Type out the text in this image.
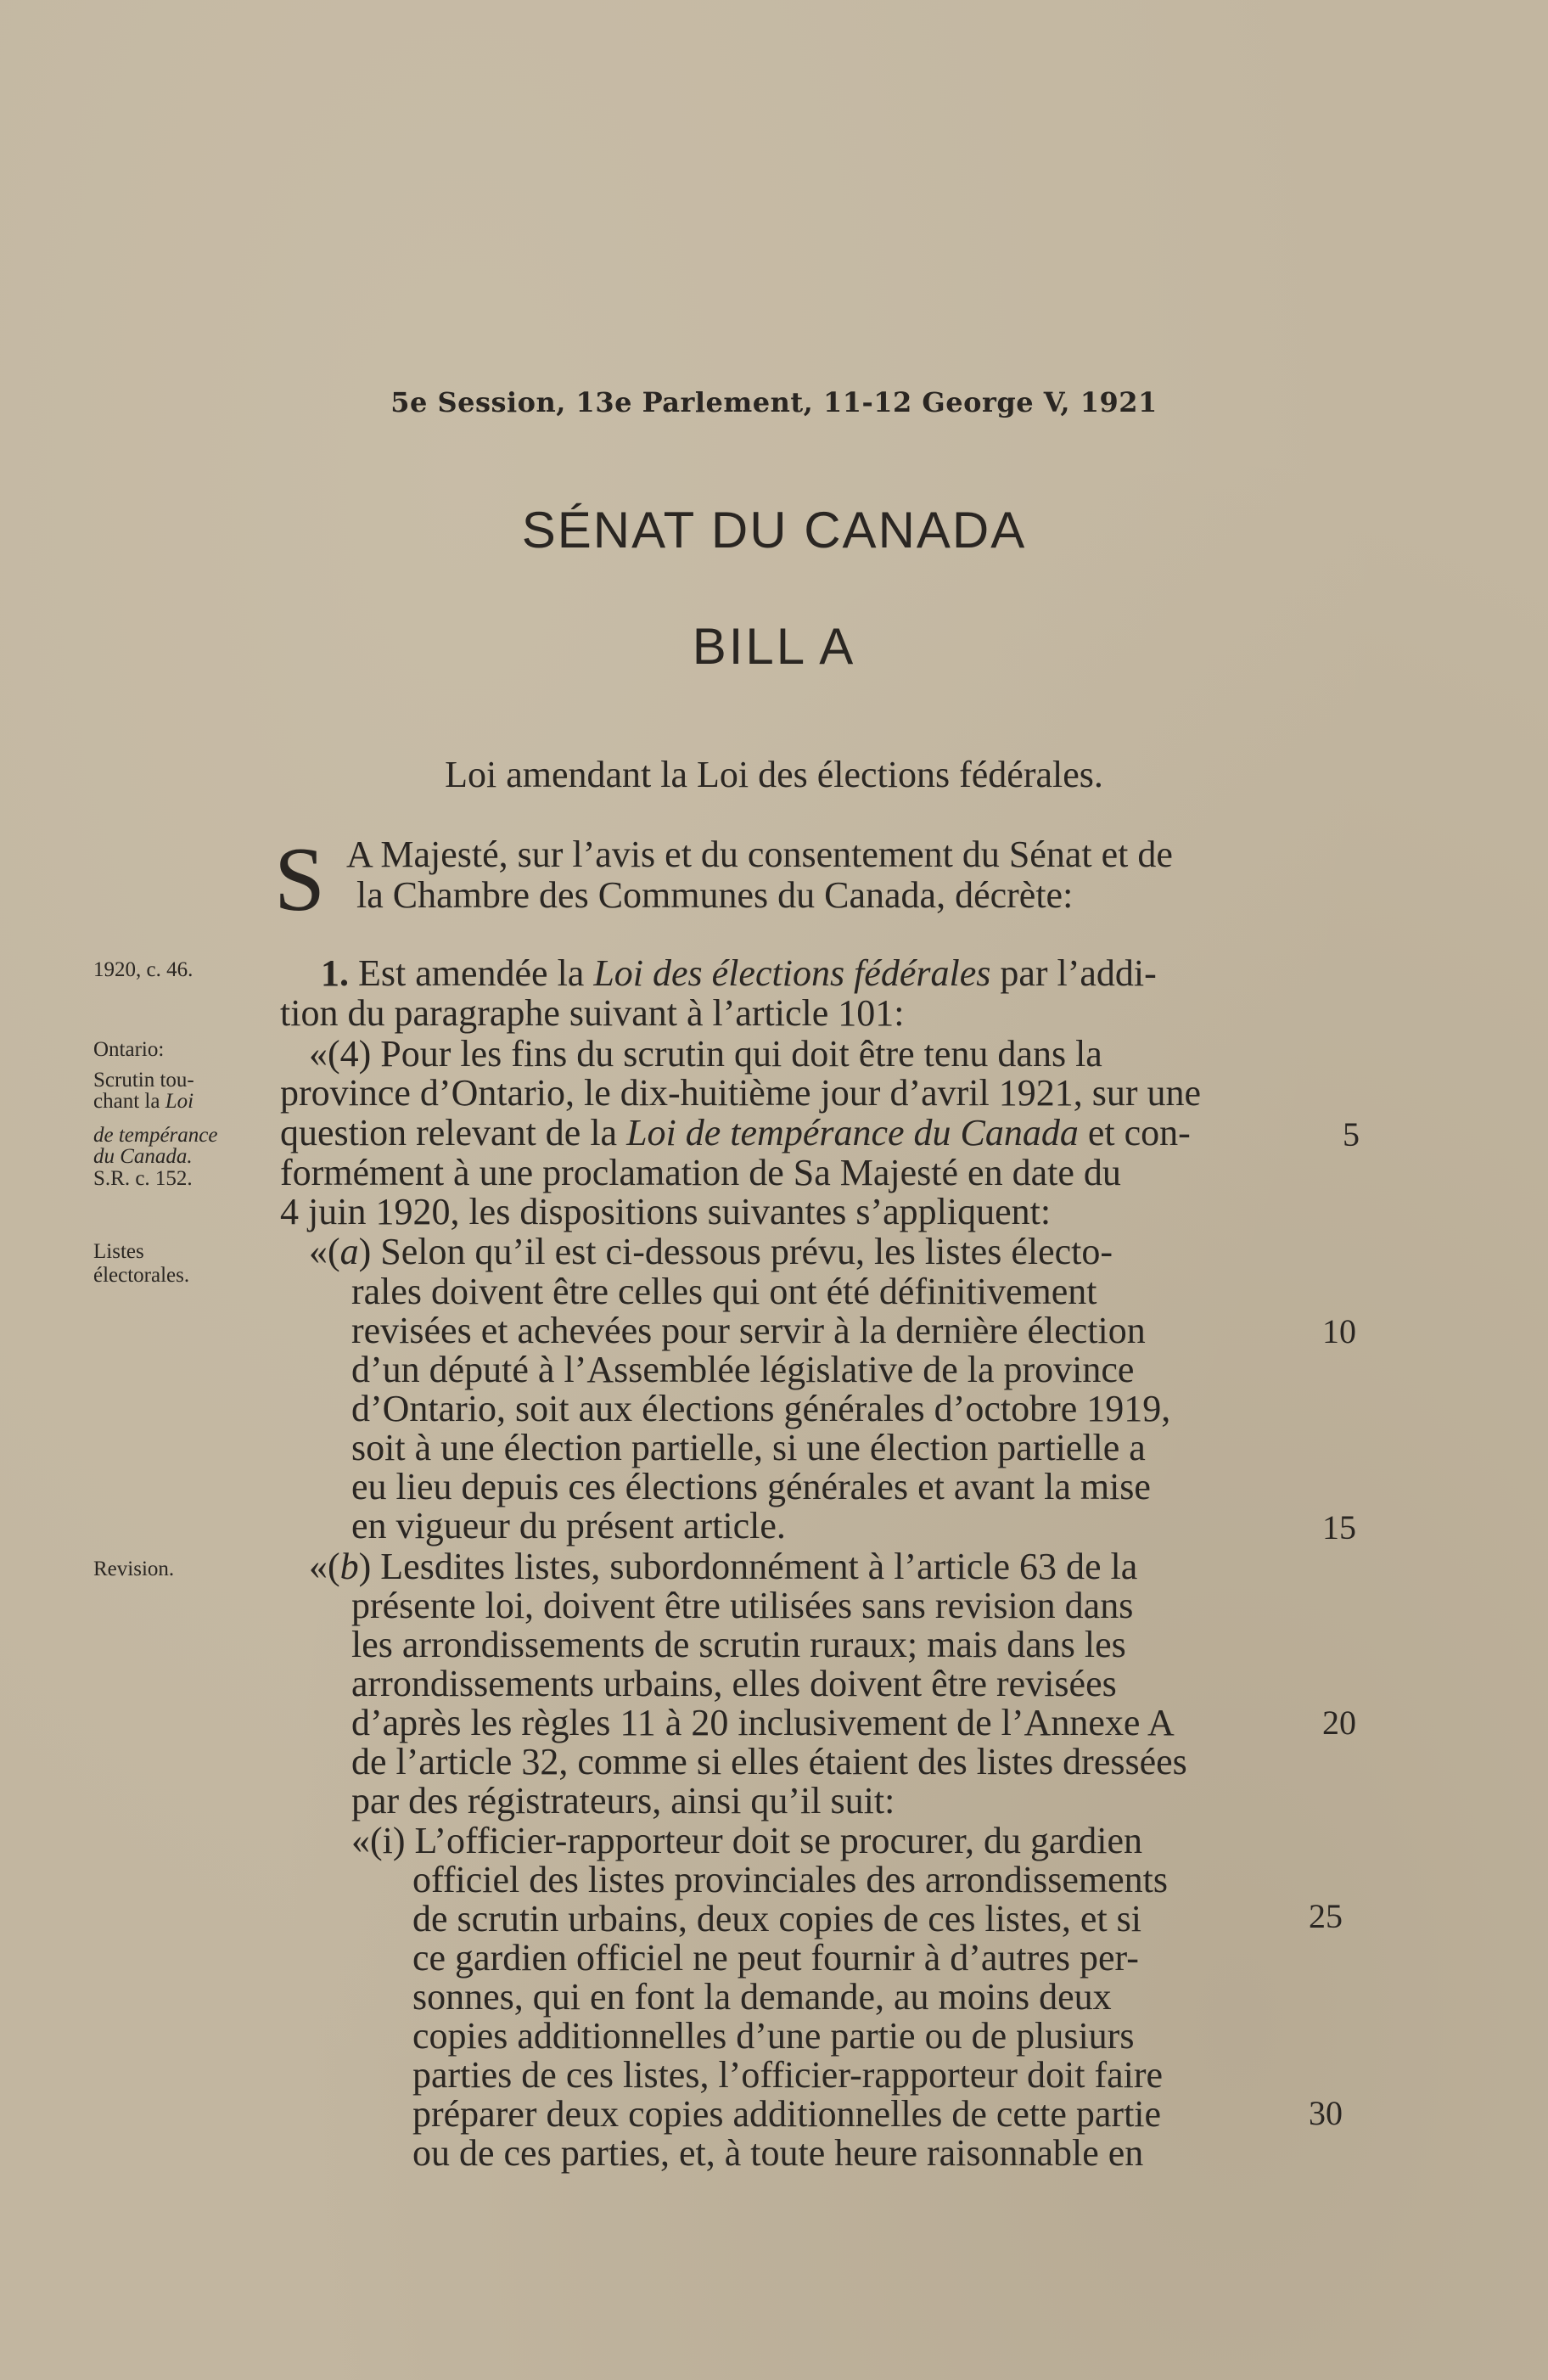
5e Session, 13e Parlement, 11-12 George V, 1921
SÉNAT DU CANADA
BILL A
Loi amendant la Loi des élections fédérales.
S A Majesté, sur l’avis et du consentement du Sénat et de
la Chambre des Communes du Canada, décrète:
1920, c. 46.
Ontario:
Scrutin tou-
chant la Loi
de tempérance
du Canada.
S.R. c. 152.
Listes
électorales.
Revision.
1. Est amendée la Loi des élections fédérales par l’addi-
tion du paragraphe suivant à l’article 101:
«(4) Pour les fins du scrutin qui doit être tenu dans la
province d’Ontario, le dix-huitième jour d’avril 1921, sur une
question relevant de la Loi de tempérance du Canada et con-
formément à une proclamation de Sa Majesté en date du
4 juin 1920, les dispositions suivantes s’appliquent:
«(a) Selon qu’il est ci-dessous prévu, les listes électo-
rales doivent être celles qui ont été définitivement
revisées et achevées pour servir à la dernière élection
d’un député à l’Assemblée législative de la province
d’Ontario, soit aux élections générales d’octobre 1919,
soit à une élection partielle, si une élection partielle a
eu lieu depuis ces élections générales et avant la mise
en vigueur du présent article.
«(b) Lesdites listes, subordonnément à l’article 63 de la
présente loi, doivent être utilisées sans revision dans
les arrondissements de scrutin ruraux; mais dans les
arrondissements urbains, elles doivent être revisées
d’après les règles 11 à 20 inclusivement de l’Annexe A
de l’article 32, comme si elles étaient des listes dressées
par des régistrateurs, ainsi qu’il suit:
«(i) L’officier-rapporteur doit se procurer, du gardien
officiel des listes provinciales des arrondissements
de scrutin urbains, deux copies de ces listes, et si
ce gardien officiel ne peut fournir à d’autres per-
sonnes, qui en font la demande, au moins deux
copies additionnelles d’une partie ou de plusiurs
parties de ces listes, l’officier-rapporteur doit faire
préparer deux copies additionnelles de cette partie
ou de ces parties, et, à toute heure raisonnable en
5
10
15
20
25
30
